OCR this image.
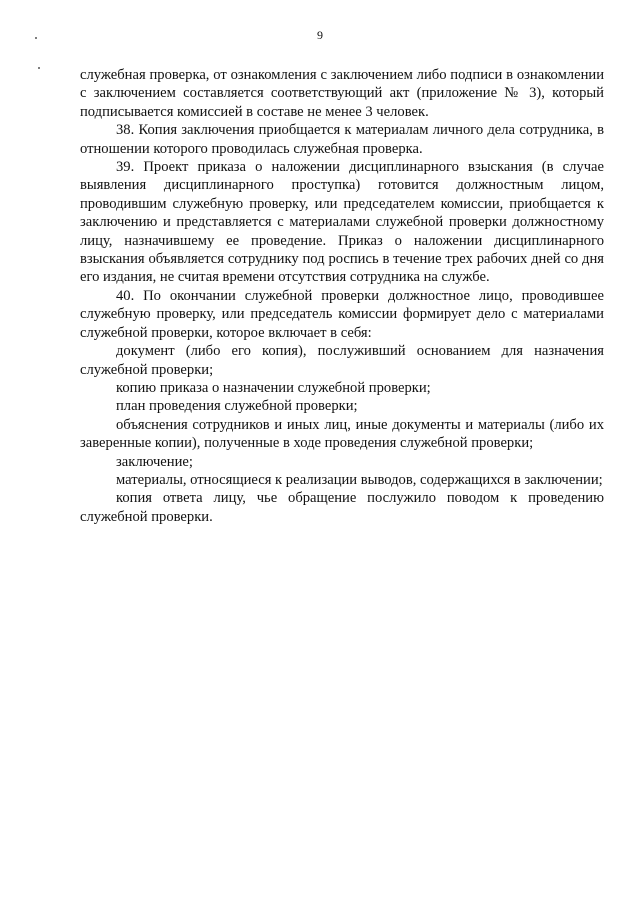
9

служебная проверка, от ознакомления с заключением либо подписи в ознакомлении с заключением составляется соответствующий акт (приложение № 3), который подписывается комиссией в составе не менее 3 человек.

38. Копия заключения приобщается к материалам личного дела сотрудника, в отношении которого проводилась служебная проверка.

39. Проект приказа о наложении дисциплинарного взыскания (в случае выявления дисциплинарного проступка) готовится должностным лицом, проводившим служебную проверку, или председателем комиссии, приобщается к заключению и представляется с материалами служебной проверки должностному лицу, назначившему ее проведение. Приказ о наложении дисциплинарного взыскания объявляется сотруднику под роспись в течение трех рабочих дней со дня его издания, не считая времени отсутствия сотрудника на службе.

40. По окончании служебной проверки должностное лицо, проводившее служебную проверку, или председатель комиссии формирует дело с материалами служебной проверки, которое включает в себя:

документ (либо его копия), послуживший основанием для назначения служебной проверки;

копию приказа о назначении служебной проверки;

план проведения служебной проверки;

объяснения сотрудников и иных лиц, иные документы и материалы (либо их заверенные копии), полученные в ходе проведения служебной проверки;

заключение;

материалы, относящиеся к реализации выводов, содержащихся в заключении;

копия ответа лицу, чье обращение послужило поводом к проведению служебной проверки.
